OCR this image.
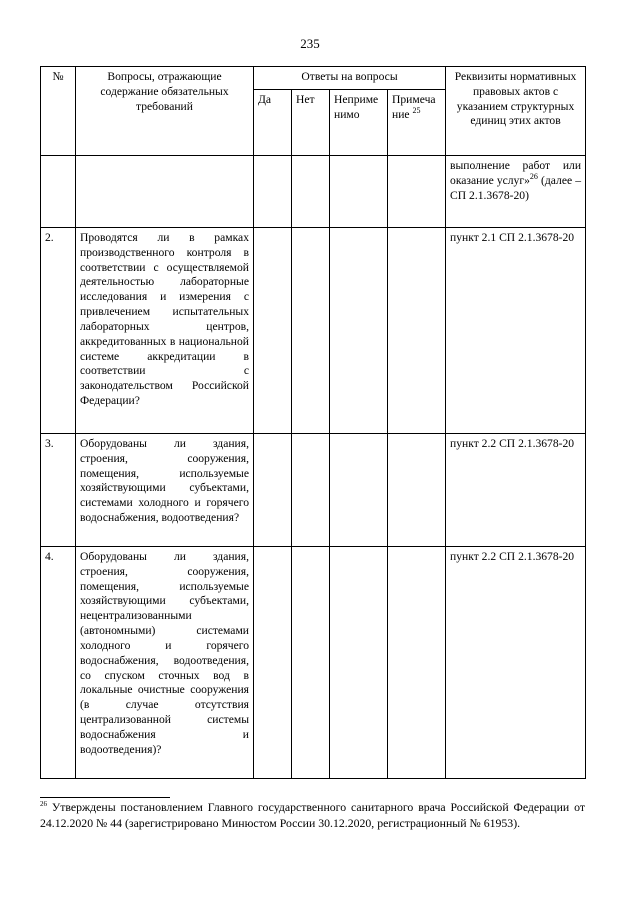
235
№	Вопросы, отражающие содержание обязательных требований	Ответы на вопросы				Реквизиты нормативных правовых актов с указанием структурных единиц этих актов
		Да	Нет	Неприме нимо	Примеча ние $^{25}$
						выполнение работ или оказание услуг»$^{26}$ (далее – СП 2.1.3678-20)
2.	Проводятся ли в рамках производственного контроля в соответствии с осуществляемой деятельностью лабораторные исследования и измерения с привлечением испытательных лабораторных центров, аккредитованных в национальной системе аккредитации в соответствии с законодательством Российской Федерации?					пункт 2.1 СП 2.1.3678-20
3.	Оборудованы ли здания, строения, сооружения, помещения, используемые хозяйствующими субъектами, системами холодного и горячего водоснабжения, водоотведения?					пункт 2.2 СП 2.1.3678-20
4.	Оборудованы ли здания, строения, сооружения, помещения, используемые хозяйствующими субъектами, нецентрализованными (автономными) системами холодного и горячего водоснабжения, водоотведения, со спуском сточных вод в локальные очистные сооружения (в случае отсутствия централизованной системы водоснабжения и водоотведения)?					пункт 2.2 СП 2.1.3678-20
$^{26}$ Утверждены постановлением Главного государственного санитарного врача Российской Федерации от 24.12.2020 № 44 (зарегистрировано Минюстом России 30.12.2020, регистрационный № 61953).
